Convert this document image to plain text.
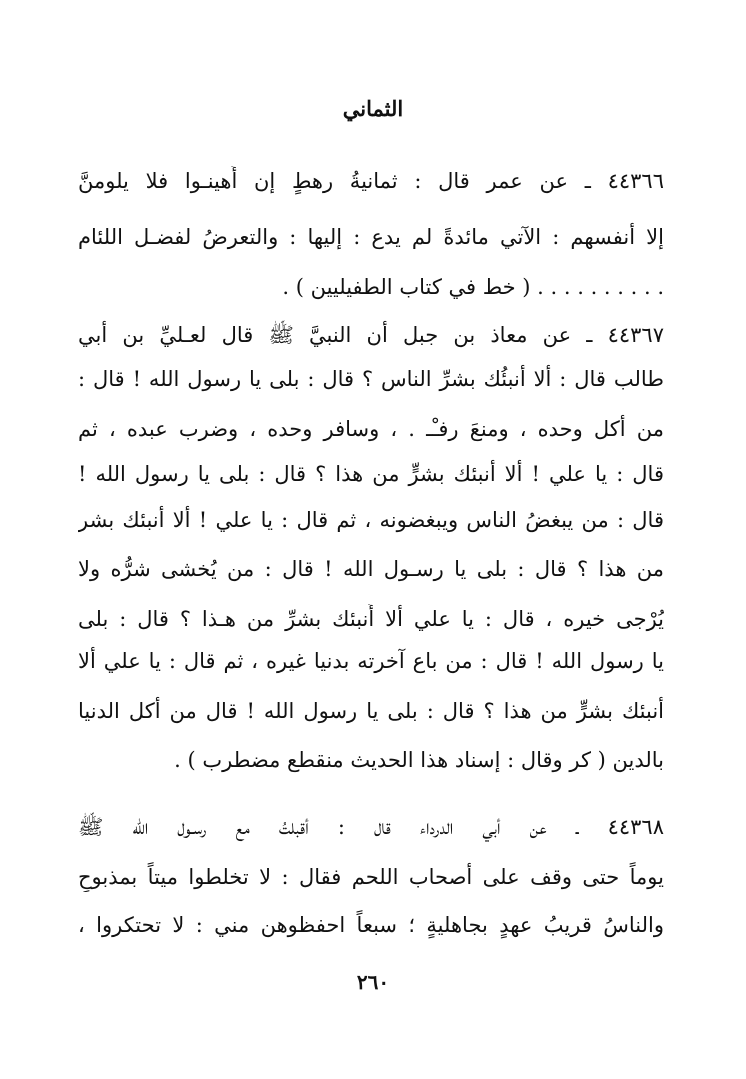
الثماني
٤٤٣٦٦ ـ عن عمر قال : ثمانيةُ رهطٍ إن أُهينـوا فلا يلومنَّ
إلا أنفسهم : الآتي مائدةً لم يدع : إليها : والتعرضُ لفضـل اللئام
. . . . . . . . . . ( خط في كتاب الطفيليين ) .
٤٤٣٦٧ ـ عن معاذ بن جبل أن النبيَّ ﷺ قال لعـليِّ بن أبي
طالب قال : ألا أنبئُك بشرِّ الناس ؟ قال : بلى يا رسول الله ! قال :
من أكل وحده ، ومنعَ رفـْـ . ، وسافر وحده ، وضرب عبده ، ثم
قال : يا علي ! ألا أنبئك بشرٍّ من هذا ؟ قال : بلى يا رسول الله !
قال : من يبغضُ الناس ويبغضونه ، ثم قال : يا علي ! ألا أنبئك بشر
من هذا ؟ قال : بلى يا رسـول الله ! قال : من يُخشى شرُّه ولا
يُرْجى خيره ، قال : يا علي ألا أُنبئك بشرِّ من هـذا ؟ قال : بلى
يا رسول الله ! قال : من باع آخرته بدنيا غيره ، ثم قال : يا علي ألا
أنبئك بشرٍّ من هذا ؟ قال : بلى يا رسول الله ! قال من أكل الدنيا
بالدين ( كر وقال : إسناد هذا الحديث منقطع مضطرب ) .
٤٤٣٦٨ ـ عن أبي الدرداء قال : أقبلتُ مع رسـول الله ﷺ
يوماً حتى وقف على أصحاب اللحم فقال : لا تخلطوا ميتاً بمذبوحٍ
والناسُ قريبُ عهدٍ بجاهليةٍ ؛ سبعاً احفظوهن مني : لا تحتكروا ،
٢٦٠
